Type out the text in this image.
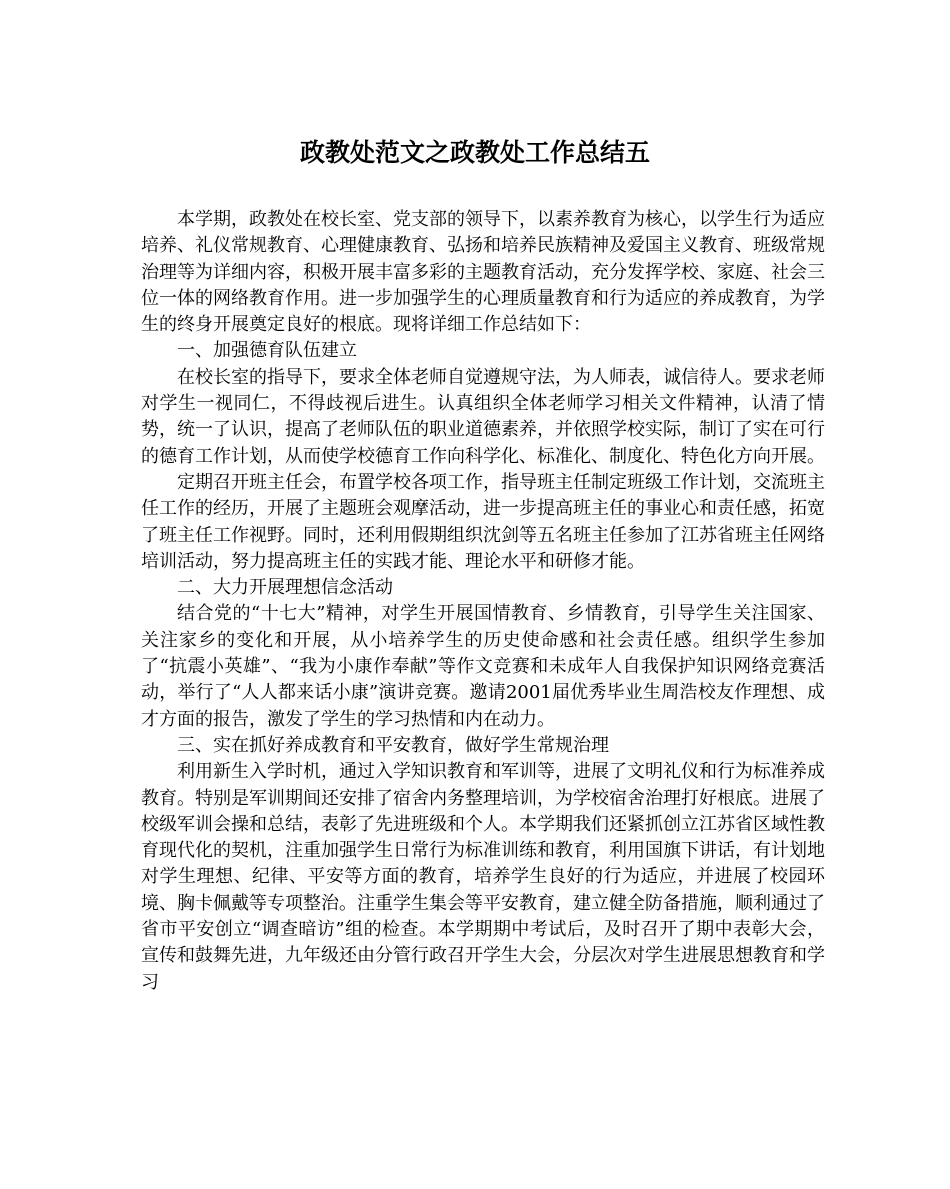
政教处范文之政教处工作总结五

本学期，政教处在校长室、党支部的领导下，以素养教育为核心，以学生行为适应培养、礼仪常规教育、心理健康教育、弘扬和培养民族精神及爱国主义教育、班级常规治理等为详细内容，积极开展丰富多彩的主题教育活动，充分发挥学校、家庭、社会三位一体的网络教育作用。进一步加强学生的心理质量教育和行为适应的养成教育，为学生的终身开展奠定良好的根底。现将详细工作总结如下：

一、加强德育队伍建立

在校长室的指导下，要求全体老师自觉遵规守法，为人师表，诚信待人。要求老师对学生一视同仁，不得歧视后进生。认真组织全体老师学习相关文件精神，认清了情势，统一了认识，提高了老师队伍的职业道德素养，并依照学校实际，制订了实在可行的德育工作计划，从而使学校德育工作向科学化、标准化、制度化、特色化方向开展。

定期召开班主任会，布置学校各项工作，指导班主任制定班级工作计划，交流班主任工作的经历，开展了主题班会观摩活动，进一步提高班主任的事业心和责任感，拓宽了班主任工作视野。同时，还利用假期组织沈剑等五名班主任参加了江苏省班主任网络培训活动，努力提高班主任的实践才能、理论水平和研修才能。

二、大力开展理想信念活动

结合党的“十七大”精神，对学生开展国情教育、乡情教育，引导学生关注国家、关注家乡的变化和开展，从小培养学生的历史使命感和社会责任感。组织学生参加了“抗震小英雄”、“我为小康作奉献”等作文竞赛和未成年人自我保护知识网络竞赛活动，举行了“人人都来话小康”演讲竞赛。邀请2001届优秀毕业生周浩校友作理想、成才方面的报告，激发了学生的学习热情和内在动力。

三、实在抓好养成教育和平安教育，做好学生常规治理

利用新生入学时机，通过入学知识教育和军训等，进展了文明礼仪和行为标准养成教育。特别是军训期间还安排了宿舍内务整理培训，为学校宿舍治理打好根底。进展了校级军训会操和总结，表彰了先进班级和个人。本学期我们还紧抓创立江苏省区域性教育现代化的契机，注重加强学生日常行为标准训练和教育，利用国旗下讲话，有计划地对学生理想、纪律、平安等方面的教育，培养学生良好的行为适应，并进展了校园环境、胸卡佩戴等专项整治。注重学生集会等平安教育，建立健全防备措施，顺利通过了省市平安创立“调查暗访”组的检查。本学期期中考试后，及时召开了期中表彰大会，宣传和鼓舞先进，九年级还由分管行政召开学生大会，分层次对学生进展思想教育和学习
